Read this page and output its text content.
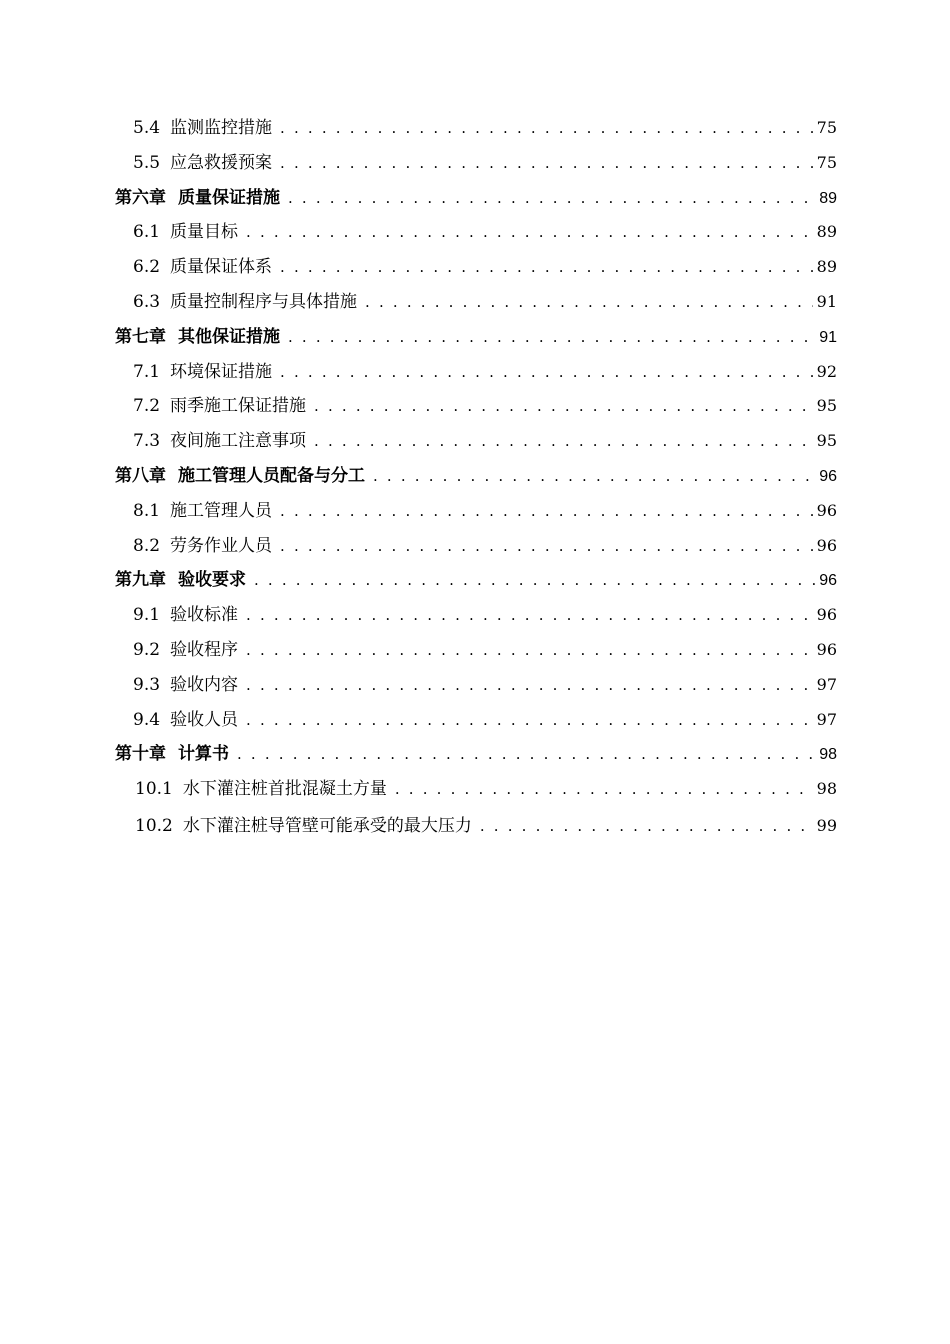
5.4 监测监控措施 . . .	75
5.5 应急救援预案 . . .	75
第六章 质量保证措施 . . .	89
6.1 质量目标 . . .	89
6.2 质量保证体系 . . .	89
6.3 质量控制程序与具体措施 . . .	91
第七章 其他保证措施 . . .	91
7.1 环境保证措施 . . .	92
7.2 雨季施工保证措施 . . .	95
7.3 夜间施工注意事项 . . .	95
第八章 施工管理人员配备与分工 . . .	96
8.1 施工管理人员 . . .	96
8.2 劳务作业人员 . . .	96
第九章 验收要求 . . .	96
9.1 验收标准 . . .	96
9.2 验收程序 . . .	96
9.3 验收内容 . . .	97
9.4 验收人员 . . .	97
第十章 计算书 . . .	98
10.1 水下灌注桩首批混凝土方量 . . .	98
10.2 水下灌注桩导管壁可能承受的最大压力 . . .	99
